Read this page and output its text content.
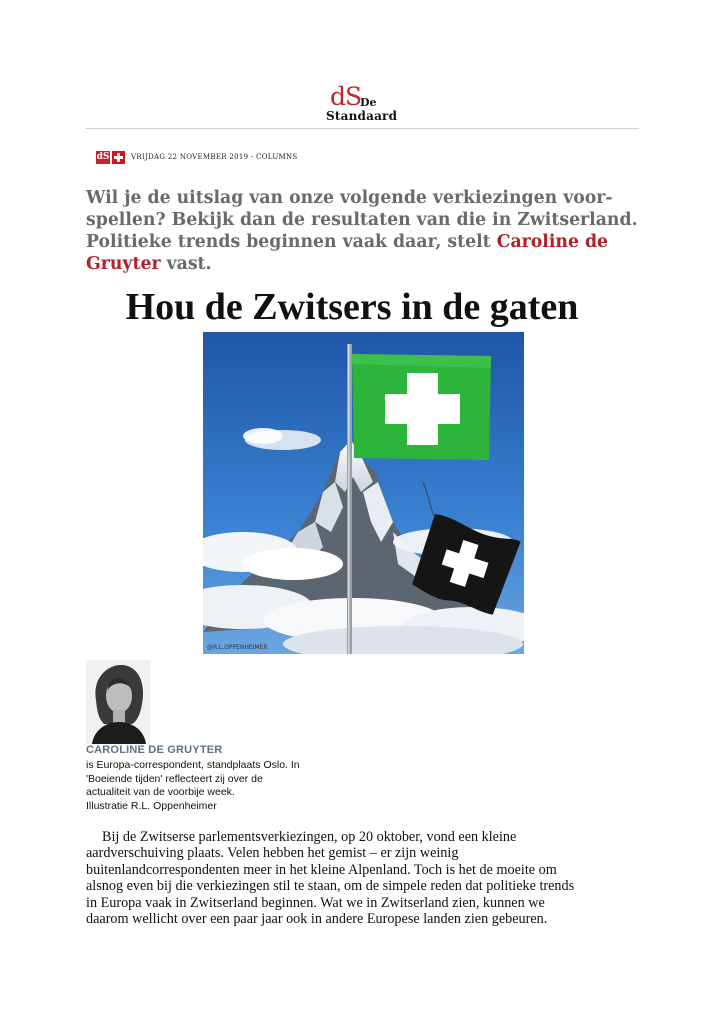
dS
De
Standaard
dS	VRIJDAG 22 NOVEMBER 2019 - COLUMNS
Wil je de uitslag van onze volgende verkiezingen voor-spellen? Bekijk dan de resultaten van die in Zwitserland. Politieke trends beginnen vaak daar, stelt Caroline de Gruyter vast.
Hou de Zwitsers in de gaten
@R.L.OPPENHEIMER
CAROLINE DE GRUYTER
is Europa-correspondent, standplaats Oslo. In
'Boeiende tijden' reflecteert zij over de
actualiteit van de voorbije week.
Illustratie R.L. Oppenheimer
Bij de Zwitserse parlementsverkiezingen, op 20 oktober, vond een kleine
aardverschuiving plaats. Velen hebben het gemist – er zijn weinig
buitenlandcorrespondenten meer in het kleine Alpenland. Toch is het de moeite om
alsnog even bij die verkiezingen stil te staan, om de simpele reden dat politieke trends
in Europa vaak in Zwitserland beginnen. Wat we in Zwitserland zien, kunnen we
daarom wellicht over een paar jaar ook in andere Europese landen zien gebeuren.
